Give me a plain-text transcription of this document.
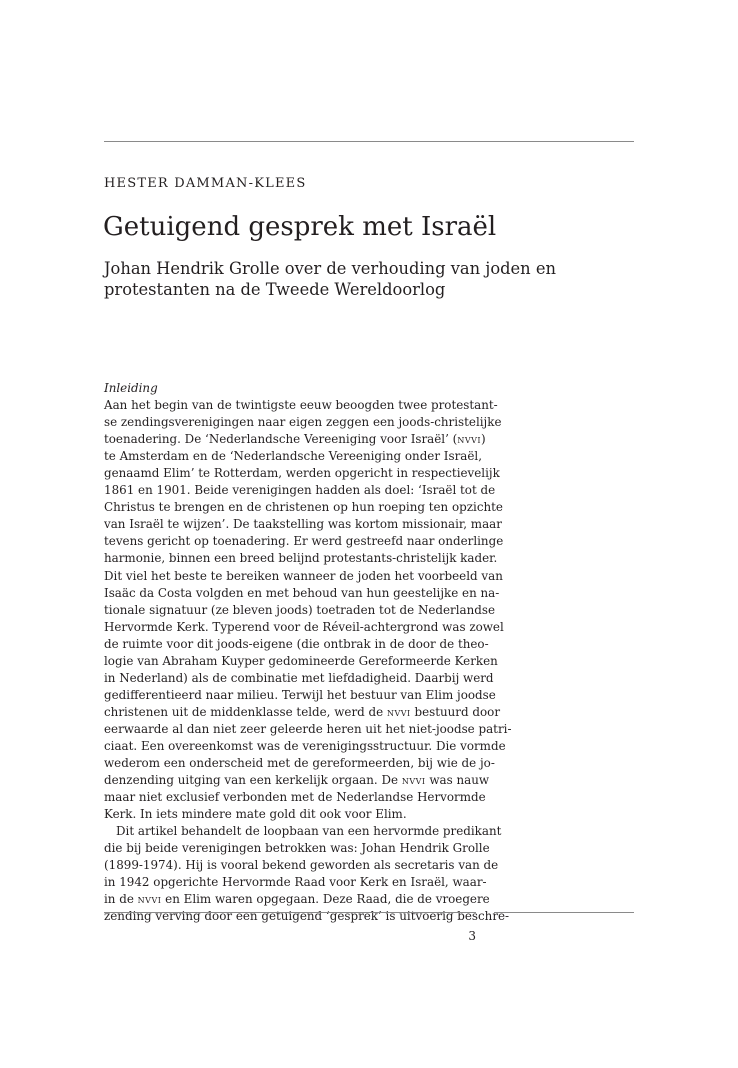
HESTER DAMMAN-KLEES
Getuigend gesprek met Israël
Johan Hendrik Grolle over de verhouding van joden en protestanten na de Tweede Wereldoorlog

Inleiding

Aan het begin van de twintigste eeuw beoogden twee protestant-
se zendingsverenigingen naar eigen zeggen een joods-christelijke
toenadering. De ‘Nederlandsche Vereeniging voor Israël’ (nvvi)
te Amsterdam en de ‘Nederlandsche Vereeniging onder Israël,
genaamd Elim’ te Rotterdam, werden opgericht in respectievelijk
1861 en 1901. Beide verenigingen hadden als doel: ‘Israël tot de
Christus te brengen en de christenen op hun roeping ten opzichte
van Israël te wijzen’. De taakstelling was kortom missionair, maar
tevens gericht op toenadering. Er werd gestreefd naar onderlinge
harmonie, binnen een breed belijnd protestants-christelijk kader.
Dit viel het beste te bereiken wanneer de joden het voorbeeld van
Isaäc da Costa volgden en met behoud van hun geestelijke en na-
tionale signatuur (ze bleven joods) toetraden tot de Nederlandse
Hervormde Kerk. Typerend voor de Réveil-achtergrond was zowel
de ruimte voor dit joods-eigene (die ontbrak in de door de theo-
logie van Abraham Kuyper gedomineerde Gereformeerde Kerken
in Nederland) als de combinatie met liefdadigheid. Daarbij werd
gedifferentieerd naar milieu. Terwijl het bestuur van Elim joodse
christenen uit de middenklasse telde, werd de nvvi bestuurd door
eerwaarde al dan niet zeer geleerde heren uit het niet-joodse patri-
ciaat. Een overeenkomst was de verenigingsstructuur. Die vormde
wederom een onderscheid met de gereformeerden, bij wie de jo-
denzending uitging van een kerkelijk orgaan. De nvvi was nauw
maar niet exclusief verbonden met de Nederlandse Hervormde
Kerk. In iets mindere mate gold dit ook voor Elim.

Dit artikel behandelt de loopbaan van een hervormde predikant
die bij beide verenigingen betrokken was: Johan Hendrik Grolle
(1899-1974). Hij is vooral bekend geworden als secretaris van de
in 1942 opgerichte Hervormde Raad voor Kerk en Israël, waar-
in de nvvi en Elim waren opgegaan. Deze Raad, die de vroegere
zending verving door een getuigend ‘gesprek’ is uitvoerig beschre-

3
